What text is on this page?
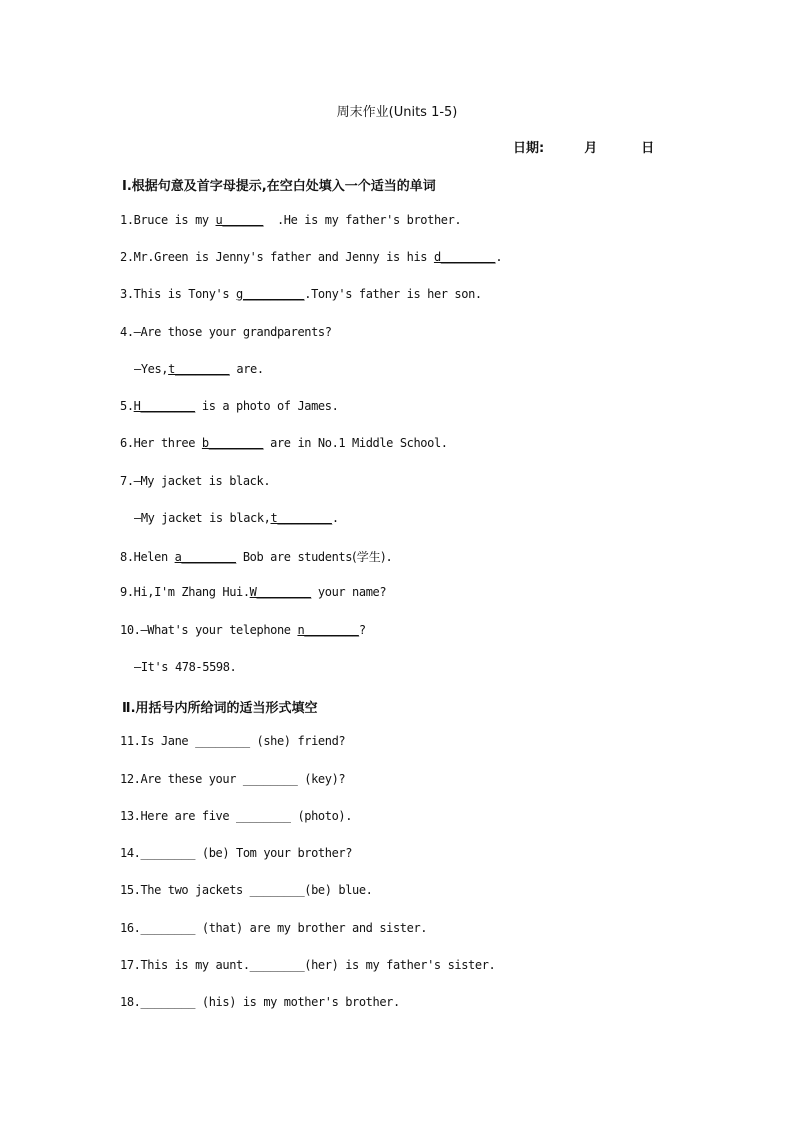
周末作业(Units 1-5)
日期:	月	日
Ⅰ.根据句意及首字母提示,在空白处填入一个适当的单词
1.Bruce is my u______  .He is my father's brother.
2.Mr.Green is Jenny's father and Jenny is his d________.
3.This is Tony's g_________.Tony's father is her son.
4.—Are those your grandparents?
—Yes,t________ are.
5.H________ is a photo of James.
6.Her three b________ are in No.1 Middle School.
7.—My jacket is black.
—My jacket is black,t________.
8.Helen a________ Bob are students(学生).
9.Hi,I'm Zhang Hui.W________ your name?
10.—What's your telephone n________?
—It's 478-5598.
Ⅱ.用括号内所给词的适当形式填空
11.Is Jane ________ (she) friend?
12.Are these your ________ (key)?
13.Here are five ________ (photo).
14.________ (be) Tom your brother?
15.The two jackets ________(be) blue.
16.________ (that) are my brother and sister.
17.This is my aunt.________(her) is my father's sister.
18.________ (his) is my mother's brother.
